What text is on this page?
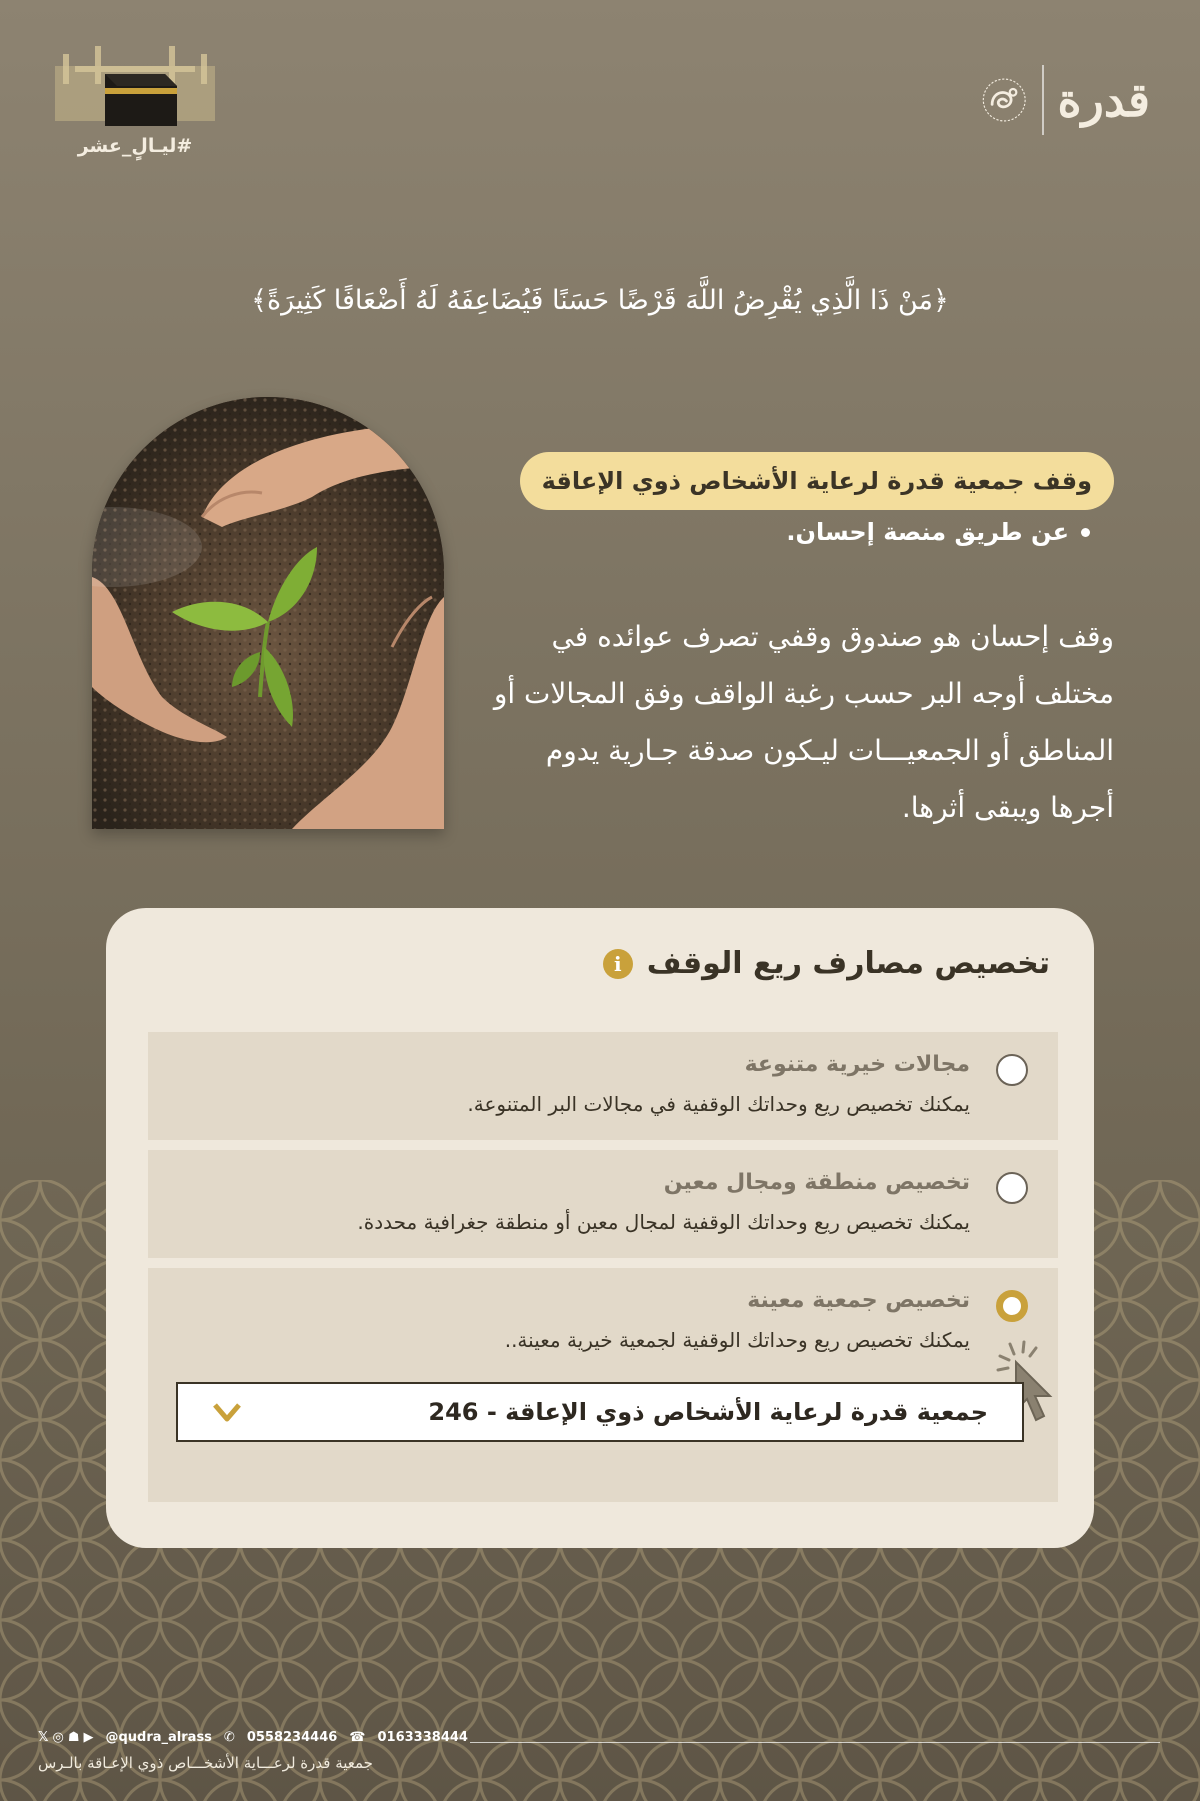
قدرة
#ليـالٍ_عشر
﴿مَنْ ذَا الَّذِي يُقْرِضُ اللَّهَ قَرْضًا حَسَنًا فَيُضَاعِفَهُ لَهُ أَضْعَافًا كَثِيرَةً﴾
وقف جمعية قدرة لرعاية الأشخاص ذوي الإعاقة
عن طريق منصة إحسان.
وقف إحسان هو صندوق وقفي تصرف عوائده في مختلف أوجه البر حسب رغبة الواقف وفق المجالات أو المناطق أو الجمعيـــات ليـكون صدقة جـارية يدوم أجرها ويبقى أثرها.
تخصيص مصارف ريع الوقف
i
مجالات خيرية متنوعة
يمكنك تخصيص ريع وحداتك الوقفية في مجالات البر المتنوعة.
تخصيص منطقة ومجال معين
يمكنك تخصيص ريع وحداتك الوقفية لمجال معين أو منطقة جغرافية محددة.
تخصيص جمعية معينة
يمكنك تخصيص ريع وحداتك الوقفية لجمعية خيرية معينة..
جمعية قدرة لرعاية الأشخاص ذوي الإعاقة - 246
𝕏 ◎ ☗ ▶ @qudra_alrass ✆ 0558234446 ☎ 0163338444
جمعية قدرة لرعـــاية الأشخـــاص ذوي الإعـاقة بالـرس
